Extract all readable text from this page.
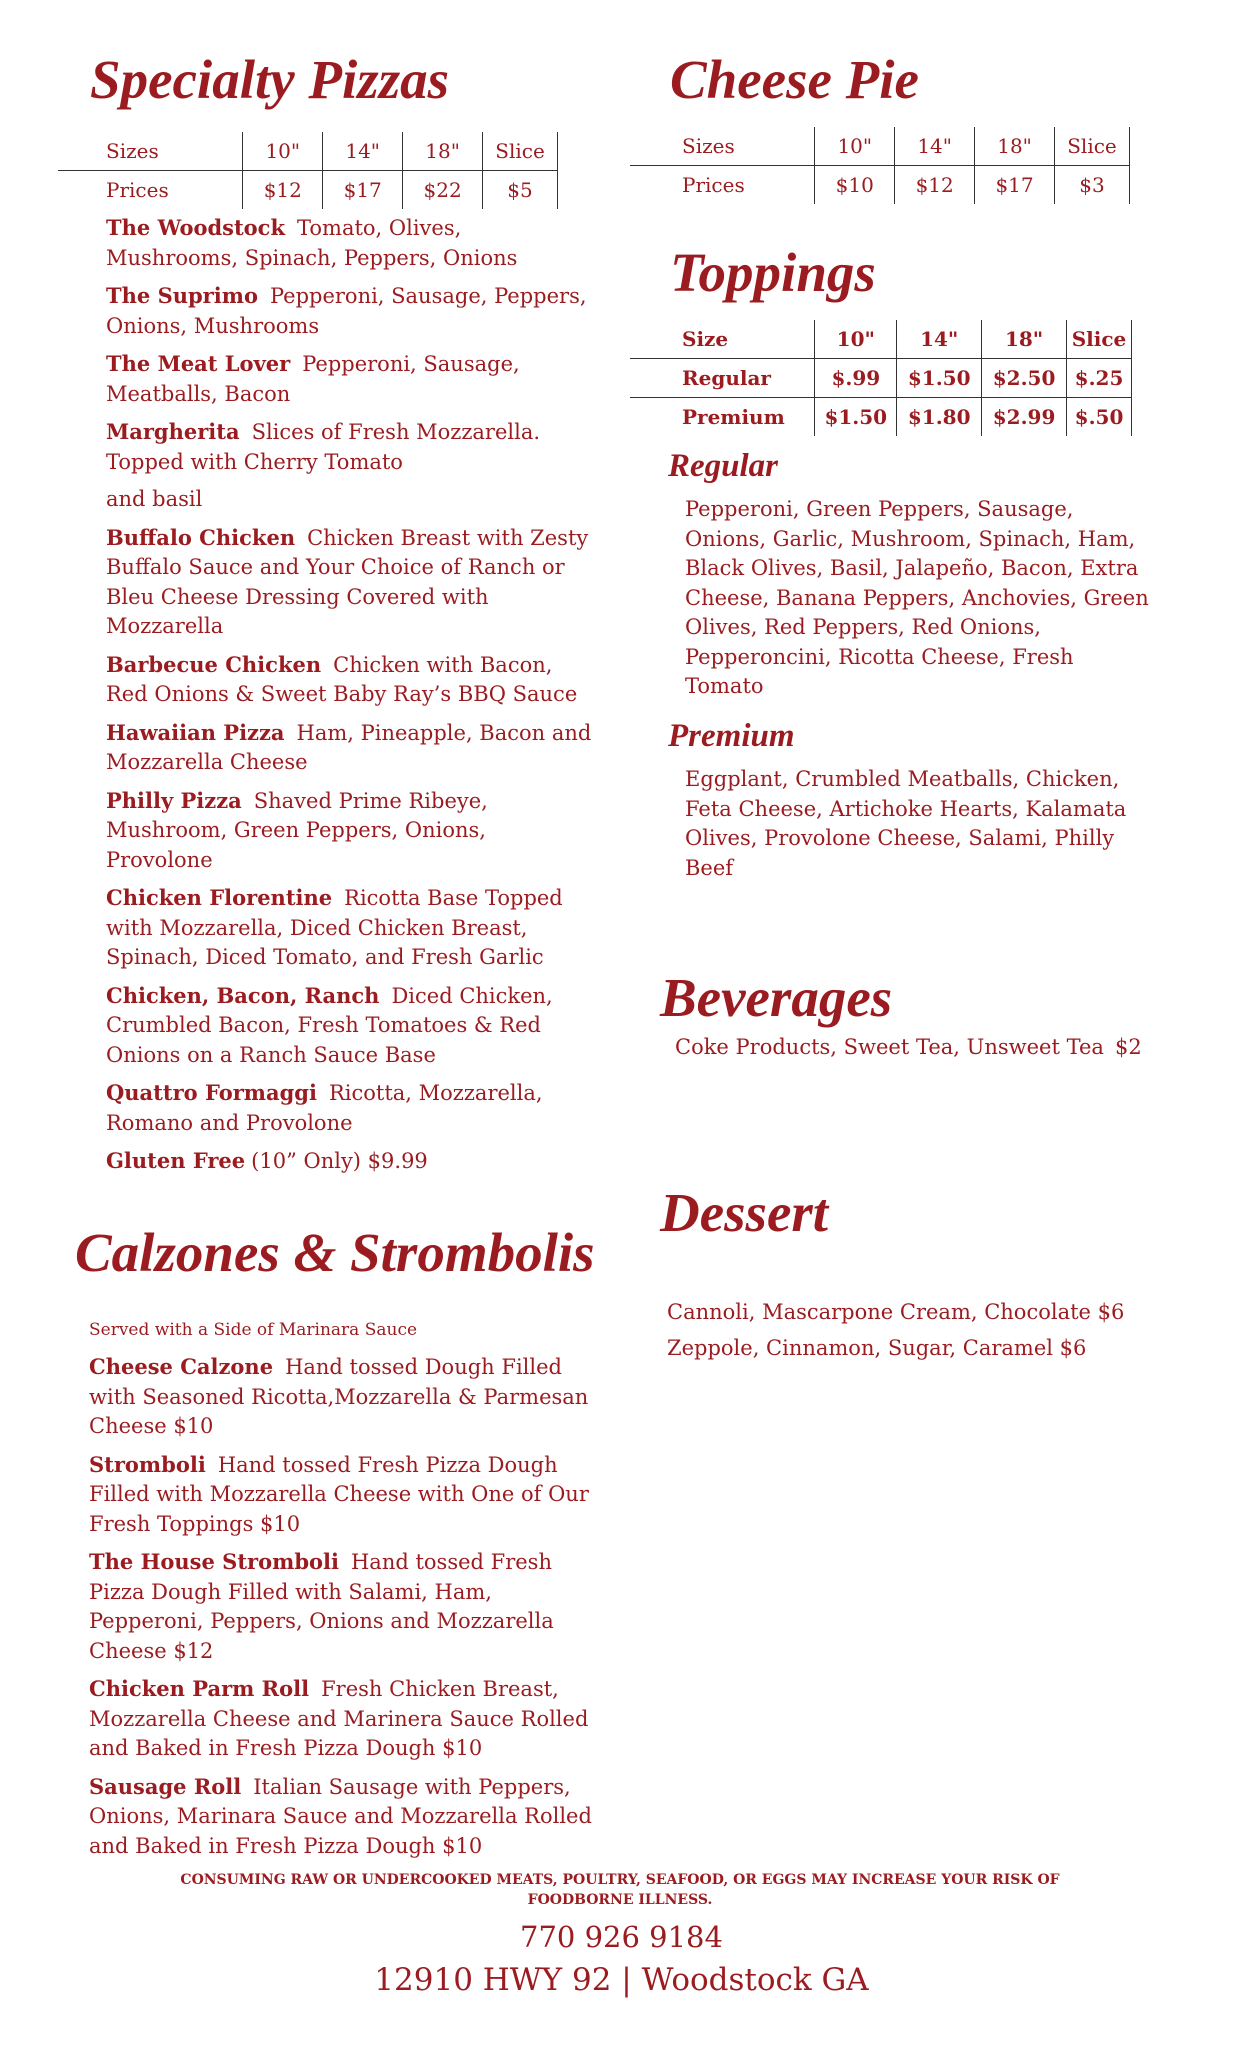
Specialty Pizzas
Sizes	10"	14"	18"	Slice
Prices	$12	$17	$22	$5

The Woodstock Tomato, Olives, Mushrooms, Spinach, Peppers, Onions

The Suprimo Pepperoni, Sausage, Peppers, Onions, Mushrooms

The Meat Lover Pepperoni, Sausage, Meatballs, Bacon

Margherita Slices of Fresh Mozzarella. Topped with Cherry Tomato

and basil

Buffalo Chicken Chicken Breast with Zesty Buffalo Sauce and Your Choice of Ranch or Bleu Cheese Dressing Covered with Mozzarella

Barbecue Chicken Chicken with Bacon, Red Onions & Sweet Baby Ray’s BBQ Sauce

Hawaiian Pizza Ham, Pineapple, Bacon and Mozzarella Cheese

Philly Pizza Shaved Prime Ribeye, Mushroom, Green Peppers, Onions, Provolone

Chicken Florentine Ricotta Base Topped with Mozzarella, Diced Chicken Breast, Spinach, Diced Tomato, and Fresh Garlic

Chicken, Bacon, Ranch Diced Chicken, Crumbled Bacon, Fresh Tomatoes & Red Onions on a Ranch Sauce Base

Quattro Formaggi Ricotta, Mozzarella, Romano and Provolone

Gluten Free (10” Only) $9.99

Cheese Pie
Sizes	10"	14"	18"	Slice
Prices	$10	$12	$17	$3
Toppings
Size	10"	14"	18"	Slice
Regular	$.99	$1.50	$2.50	$.25
Premium	$1.50	$1.80	$2.99	$.50
Regular

Pepperoni, Green Peppers, Sausage, Onions, Garlic, Mushroom, Spinach, Ham, Black Olives, Basil, Jalapeño, Bacon, Extra Cheese, Banana Peppers, Anchovies, Green Olives, Red Peppers, Red Onions, Pepperoncini, Ricotta Cheese, Fresh Tomato

Premium

Eggplant, Crumbled Meatballs, Chicken, Feta Cheese, Artichoke Hearts, Kalamata Olives, Provolone Cheese, Salami, Philly Beef

Beverages

Coke Products, Sweet Tea, Unsweet Tea $2

Dessert

Cannoli, Mascarpone Cream, Chocolate $6

Zeppole, Cinnamon, Sugar, Caramel $6

Calzones & Strombolis

Served with a Side of Marinara Sauce

Cheese Calzone Hand tossed Dough Filled with Seasoned Ricotta,Mozzarella & Parmesan Cheese $10

Stromboli Hand tossed Fresh Pizza Dough Filled with Mozzarella Cheese with One of Our Fresh Toppings $10

The House Stromboli Hand tossed Fresh Pizza Dough Filled with Salami, Ham, Pepperoni, Peppers, Onions and Mozzarella Cheese $12

Chicken Parm Roll Fresh Chicken Breast, Mozzarella Cheese and Marinera Sauce Rolled and Baked in Fresh Pizza Dough $10

Sausage Roll Italian Sausage with Peppers, Onions, Marinara Sauce and Mozzarella Rolled and Baked in Fresh Pizza Dough $10

CONSUMING RAW OR UNDERCOOKED MEATS, POULTRY, SEAFOOD, OR EGGS MAY INCREASE YOUR RISK OF FOODBORNE ILLNESS.

770 926 9184

12910 HWY 92 | Woodstock GA
